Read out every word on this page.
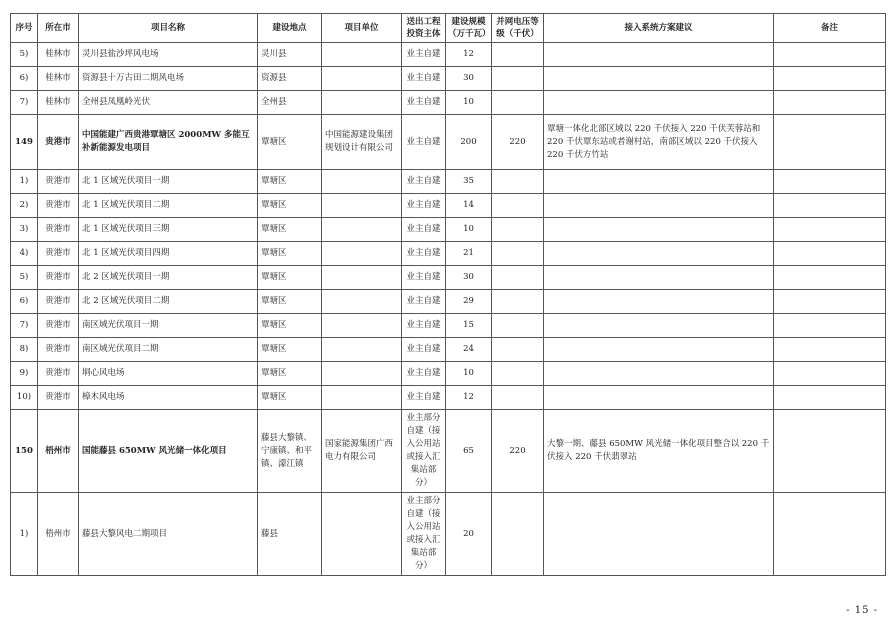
序号	所在市	项目名称	建设地点	项目单位	送出工程投资主体	建设规模（万千瓦）	并网电压等级（千伏）	接入系统方案建议	备注
5)	桂林市	灵川县盐沙坪风电场	灵川县		业主自建	12			
6)	桂林市	资源县十万古田二期风电场	资源县		业主自建	30			
7)	桂林市	全州县凤凰岭光伏	全州县		业主自建	10			
149	贵港市	中国能建广西贵港覃塘区 2000MW 多能互补新能源发电项目	覃塘区	中国能源建设集团规划设计有限公司	业主自建	200	220	覃塘一体化北部区域以 220 千伏接入 220 千伏芙蓉站和 220 千伏覃东站或者谢村站，南部区域以 220 千伏接入 220 千伏方竹站	
1)	贵港市	北 1 区域光伏项目一期	覃塘区		业主自建	35			
2)	贵港市	北 1 区域光伏项目二期	覃塘区		业主自建	14			
3)	贵港市	北 1 区域光伏项目三期	覃塘区		业主自建	10			
4)	贵港市	北 1 区域光伏项目四期	覃塘区		业主自建	21			
5)	贵港市	北 2 区域光伏项目一期	覃塘区		业主自建	30			
6)	贵港市	北 2 区域光伏项目二期	覃塘区		业主自建	29			
7)	贵港市	南区域光伏项目一期	覃塘区		业主自建	15			
8)	贵港市	南区域光伏项目二期	覃塘区		业主自建	24			
9)	贵港市	垌心风电场	覃塘区		业主自建	10			
10)	贵港市	樟木风电场	覃塘区		业主自建	12			
150	梧州市	国能藤县 650MW 风光储一体化项目	藤县大黎镇、宁康镇、和平镇、濛江镇	国家能源集团广西电力有限公司	业主部分自建（接入公用站或接入汇集站部分）	65	220	大黎一期、藤县 650MW 风光储一体化项目整合以 220 千伏接入 220 千伏翡翠站	
1)	梧州市	藤县大黎风电二期项目	藤县		业主部分自建（接入公用站或接入汇集站部分）	20			
- 15 -
